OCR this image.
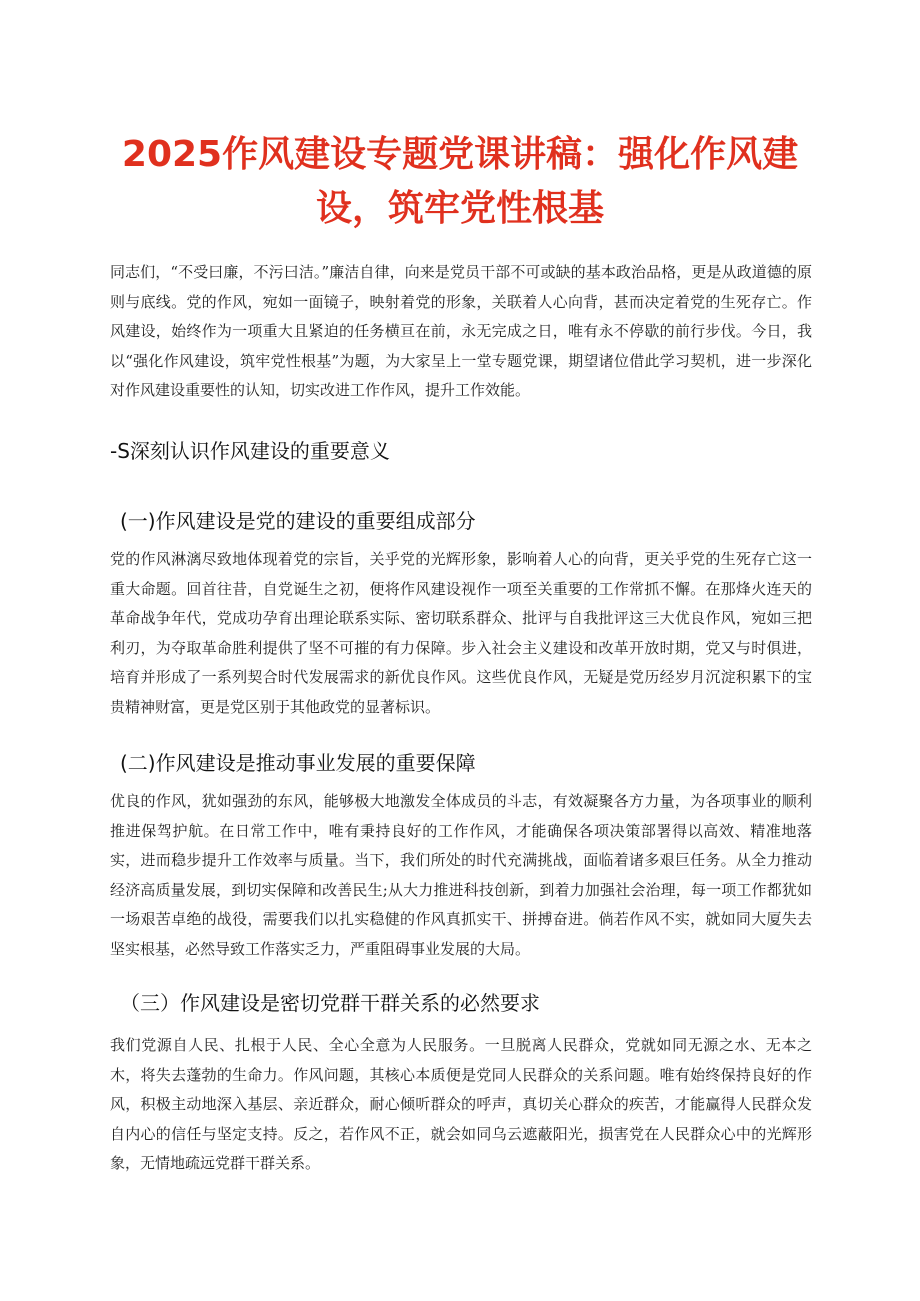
2025作风建设专题党课讲稿：强化作风建设，筑牢党性根基

同志们，“不受曰廉，不污曰洁。”廉洁自律，向来是党员干部不可或缺的基本政治品格，更是从政道德的原则与底线。党的作风，宛如一面镜子，映射着党的形象，关联着人心向背，甚而决定着党的生死存亡。作风建设，始终作为一项重大且紧迫的任务横亘在前，永无完成之日，唯有永不停歇的前行步伐。今日，我以“强化作风建设，筑牢党性根基”为题，为大家呈上一堂专题党课，期望诸位借此学习契机，进一步深化对作风建设重要性的认知，切实改进工作作风，提升工作效能。

-S深刻认识作风建设的重要意义
(一)作风建设是党的建设的重要组成部分

党的作风淋漓尽致地体现着党的宗旨，关乎党的光辉形象，影响着人心的向背，更关乎党的生死存亡这一重大命题。回首往昔，自党诞生之初，便将作风建设视作一项至关重要的工作常抓不懈。在那烽火连天的革命战争年代，党成功孕育出理论联系实际、密切联系群众、批评与自我批评这三大优良作风，宛如三把利刃，为夺取革命胜利提供了坚不可摧的有力保障。步入社会主义建设和改革开放时期，党又与时俱进，培育并形成了一系列契合时代发展需求的新优良作风。这些优良作风，无疑是党历经岁月沉淀积累下的宝贵精神财富，更是党区别于其他政党的显著标识。

(二)作风建设是推动事业发展的重要保障

优良的作风，犹如强劲的东风，能够极大地激发全体成员的斗志，有效凝聚各方力量，为各项事业的顺利推进保驾护航。在日常工作中，唯有秉持良好的工作作风，才能确保各项决策部署得以高效、精准地落实，进而稳步提升工作效率与质量。当下，我们所处的时代充满挑战，面临着诸多艰巨任务。从全力推动经济高质量发展，到切实保障和改善民生;从大力推进科技创新，到着力加强社会治理，每一项工作都犹如一场艰苦卓绝的战役，需要我们以扎实稳健的作风真抓实干、拼搏奋进。倘若作风不实，就如同大厦失去坚实根基，必然导致工作落实乏力，严重阻碍事业发展的大局。

（三）作风建设是密切党群干群关系的必然要求

我们党源自人民、扎根于人民、全心全意为人民服务。一旦脱离人民群众，党就如同无源之水、无本之木，将失去蓬勃的生命力。作风问题，其核心本质便是党同人民群众的关系问题。唯有始终保持良好的作风，积极主动地深入基层、亲近群众，耐心倾听群众的呼声，真切关心群众的疾苦，才能赢得人民群众发自内心的信任与坚定支持。反之，若作风不正，就会如同乌云遮蔽阳光，损害党在人民群众心中的光辉形象，无情地疏远党群干群关系。
